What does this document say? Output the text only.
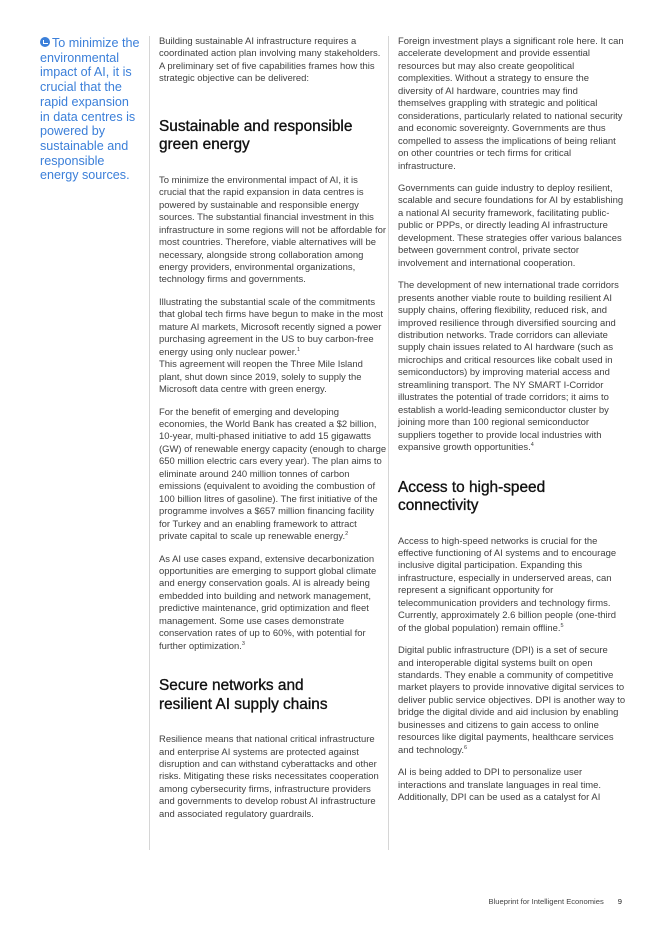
To minimize the environmental impact of AI, it is crucial that the rapid expansion in data centres is powered by sustainable and responsible energy sources.

Building sustainable AI infrastructure requires a coordinated action plan involving many stakeholders. A preliminary set of five capabilities frames how this strategic objective can be delivered:

Sustainable and responsible
green energy

To minimize the environmental impact of AI, it is crucial that the rapid expansion in data centres is powered by sustainable and responsible energy sources. The substantial financial investment in this infrastructure in some regions will not be affordable for most countries. Therefore, viable alternatives will be necessary, alongside strong collaboration among energy providers, environmental organizations, technology firms and governments.

Illustrating the substantial scale of the commitments that global tech firms have begun to make in the most mature AI markets, Microsoft recently signed a power purchasing agreement in the US to buy carbon-free energy using only nuclear power.$^1$
This agreement will reopen the Three Mile Island plant, shut down since 2019, solely to supply the Microsoft data centre with green energy.

For the benefit of emerging and developing economies, the World Bank has created a $2 billion, 10-year, multi-phased initiative to add 15 gigawatts (GW) of renewable energy capacity (enough to charge 650 million electric cars every year). The plan aims to eliminate around 240 million tonnes of carbon emissions (equivalent to avoiding the combustion of 100 billion litres of gasoline). The first initiative of the programme involves a $657 million financing facility for Turkey and an enabling framework to attract private capital to scale up renewable energy.$^2$

As AI use cases expand, extensive decarbonization opportunities are emerging to support global climate and energy conservation goals. AI is already being embedded into building and network management, predictive maintenance, grid optimization and fleet management. Some use cases demonstrate conservation rates of up to 60%, with potential for further optimization.$^3$

Secure networks and
resilient AI supply chains

Resilience means that national critical infrastructure and enterprise AI systems are protected against disruption and can withstand cyberattacks and other risks. Mitigating these risks necessitates cooperation among cybersecurity firms, infrastructure providers and governments to develop robust AI infrastructure and associated regulatory guardrails.

Foreign investment plays a significant role here. It can accelerate development and provide essential resources but may also create geopolitical complexities. Without a strategy to ensure the diversity of AI hardware, countries may find themselves grappling with strategic and political considerations, particularly related to national security and economic sovereignty. Governments are thus compelled to assess the implications of being reliant on other countries or tech firms for critical infrastructure.

Governments can guide industry to deploy resilient, scalable and secure foundations for AI by establishing a national AI security framework, facilitating public-public or PPPs, or directly leading AI infrastructure development. These strategies offer various balances between government control, private sector involvement and international cooperation.

The development of new international trade corridors presents another viable route to building resilient AI supply chains, offering flexibility, reduced risk, and improved resilience through diversified sourcing and distribution networks. Trade corridors can alleviate supply chain issues related to AI hardware (such as microchips and critical resources like cobalt used in semiconductors) by improving material access and streamlining transport. The NY SMART I-Corridor illustrates the potential of trade corridors; it aims to establish a world-leading semiconductor cluster by joining more than 100 regional semiconductor suppliers together to provide local industries with expansive growth opportunities.$^4$

Access to high-speed
connectivity

Access to high-speed networks is crucial for the effective functioning of AI systems and to encourage inclusive digital participation. Expanding this infrastructure, especially in underserved areas, can represent a significant opportunity for telecommunication providers and technology firms. Currently, approximately 2.6 billion people (one-third of the global population) remain offline.$^5$

Digital public infrastructure (DPI) is a set of secure and interoperable digital systems built on open standards. They enable a community of competitive market players to provide innovative digital services to deliver public service objectives. DPI is another way to bridge the digital divide and aid inclusion by enabling businesses and citizens to gain access to online resources like digital payments, healthcare services and technology.$^6$

AI is being added to DPI to personalize user interactions and translate languages in real time. Additionally, DPI can be used as a catalyst for AI

Blueprint for Intelligent Economies 9
